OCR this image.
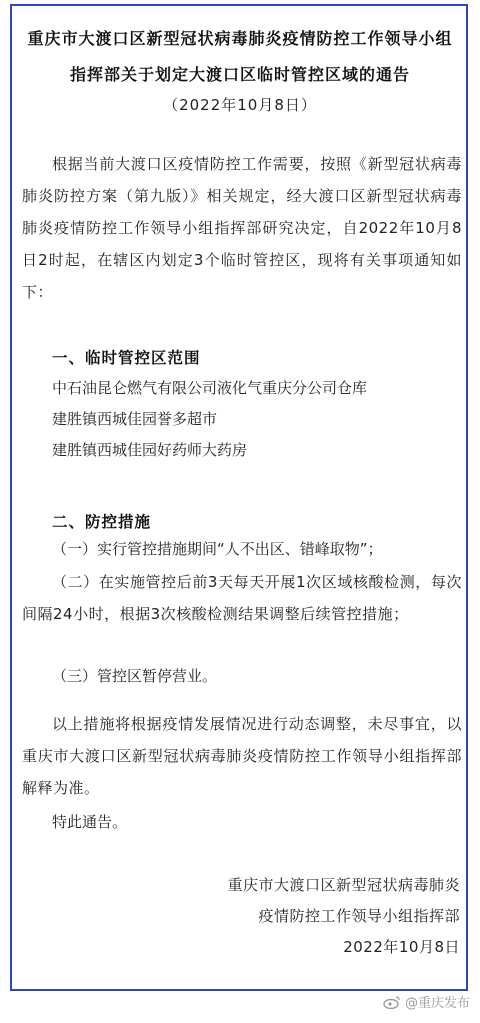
重庆市大渡口区新型冠状病毒肺炎疫情防控工作领导小组
指挥部关于划定大渡口区临时管控区域的通告
（2022年10月8日）
根据当前大渡口区疫情防控工作需要，按照《新型冠状病毒肺炎防控方案（第九版）》相关规定，经大渡口区新型冠状病毒肺炎疫情防控工作领导小组指挥部研究决定，自2022年10月8日2时起，在辖区内划定3个临时管控区，现将有关事项通知如下：
一、临时管控区范围
中石油昆仑燃气有限公司液化气重庆分公司仓库
建胜镇西城佳园誉多超市
建胜镇西城佳园好药师大药房
二、防控措施
（一）实行管控措施期间“人不出区、错峰取物”；
（二）在实施管控后前3天每天开展1次区域核酸检测，每次间隔24小时，根据3次核酸检测结果调整后续管控措施；
（三）管控区暂停营业。
以上措施将根据疫情发展情况进行动态调整，未尽事宜，以重庆市大渡口区新型冠状病毒肺炎疫情防控工作领导小组指挥部解释为准。
特此通告。
重庆市大渡口区新型冠状病毒肺炎
疫情防控工作领导小组指挥部
2022年10月8日
@重庆发布
